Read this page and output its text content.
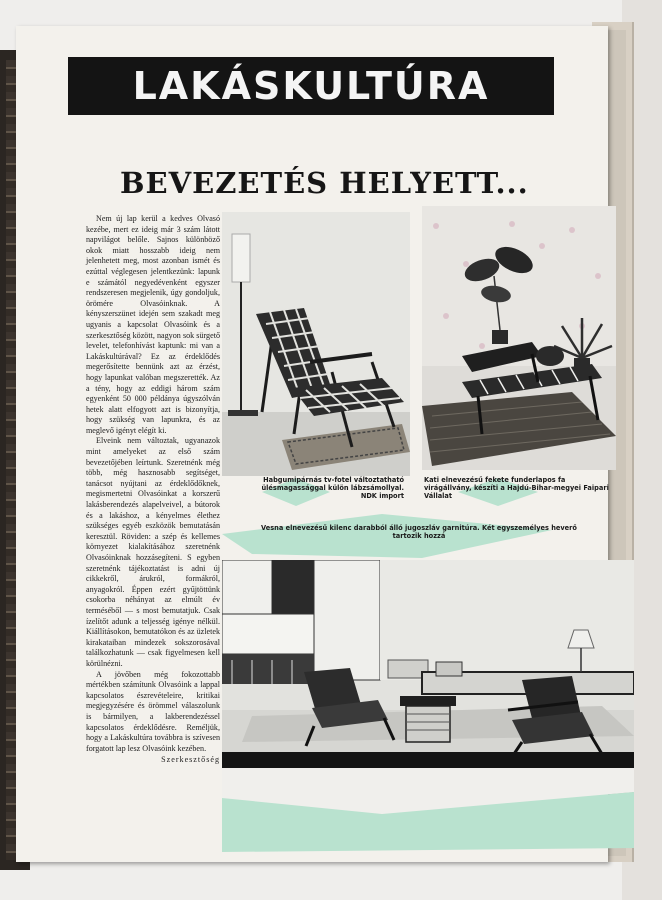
LAKÁSKULTÚRA
BEVEZETÉS HELYETT...

Nem új lap kerül a kedves Olvasó kezébe, mert ez ideig már 3 szám látott napvilágot belőle. Sajnos különböző okok miatt hosszabb ideig nem jelenhetett meg, most azonban ismét és ezúttal véglegesen jelentkezünk: lapunk e számától negyedévenként egyszer rendszeresen megjelenik, úgy gondoljuk, örömére Olvasóinknak. A kényszerszünet idején sem szakadt meg ugyanis a kapcsolat Olvasóink és a szerkesztőség között, nagyon sok sürgető levelet, telefonhívást kaptunk: mi van a Lakáskultúrával? Ez az érdeklődés megerősítette bennünk azt az érzést, hogy lapunkat valóban megszerették. Az a tény, hogy az eddigi három szám egyenként 50 000 példánya úgyszólván hetek alatt elfogyott azt is bizonyítja, hogy szükség van lapunkra, és az meglevő igényt elégít ki.

Elveink nem változtak, ugyanazok mint amelyeket az első szám bevezetőjében leírtunk. Szeretnénk még több, még hasznosabb segítséget, tanácsot nyújtani az érdeklődőknek, megismertetni Olvasóinkat a korszerű lakásberendezés alapelveivel, a bútorok és a lakáshoz, a kényelmes élethez szükséges egyéb eszközök bemutatásán keresztül. Röviden: a szép és kellemes környezet kialakításához szeretnénk Olvasóinknak hozzásegíteni. S egyben szeretnénk tájékoztatást is adni új cikkekről, árukról, formákról, anyagokról. Éppen ezért gyűjtöttünk csokorba néhányat az elmúlt év terméséből — s most bemutatjuk. Csak ízelítőt adunk a teljesség igénye nélkül. Kiállításokon, bemutatókon és az üzletek kirakataiban mindezek sokszorosával találkozhatunk — csak figyelmesen kell körülnézni.

A jövőben még fokozottabb mértékben számítunk Olvasóink a lappal kapcsolatos észrevételeire, kritikai megjegyzésére és örömmel válaszolunk is bármilyen, a lakberendezéssel kapcsolatos érdeklődésre. Reméljük, hogy a Lakáskultúra továbbra is szívesen forgatott lap lesz Olvasóink kezében.

Szerkesztőség
Habgumipárnás tv-fotel változtatható ülésmagassággal külön lábzsámollyal. NDK import
Kati elnevezésű fekete funderlapos fa virágállvány, készíti a Hajdú-Bihar-megyei Faipari Vállalat
Vesna elnevezésű kilenc darabból álló jugoszláv garnitúra. Két egyszemélyes heverő tartozik hozzá
